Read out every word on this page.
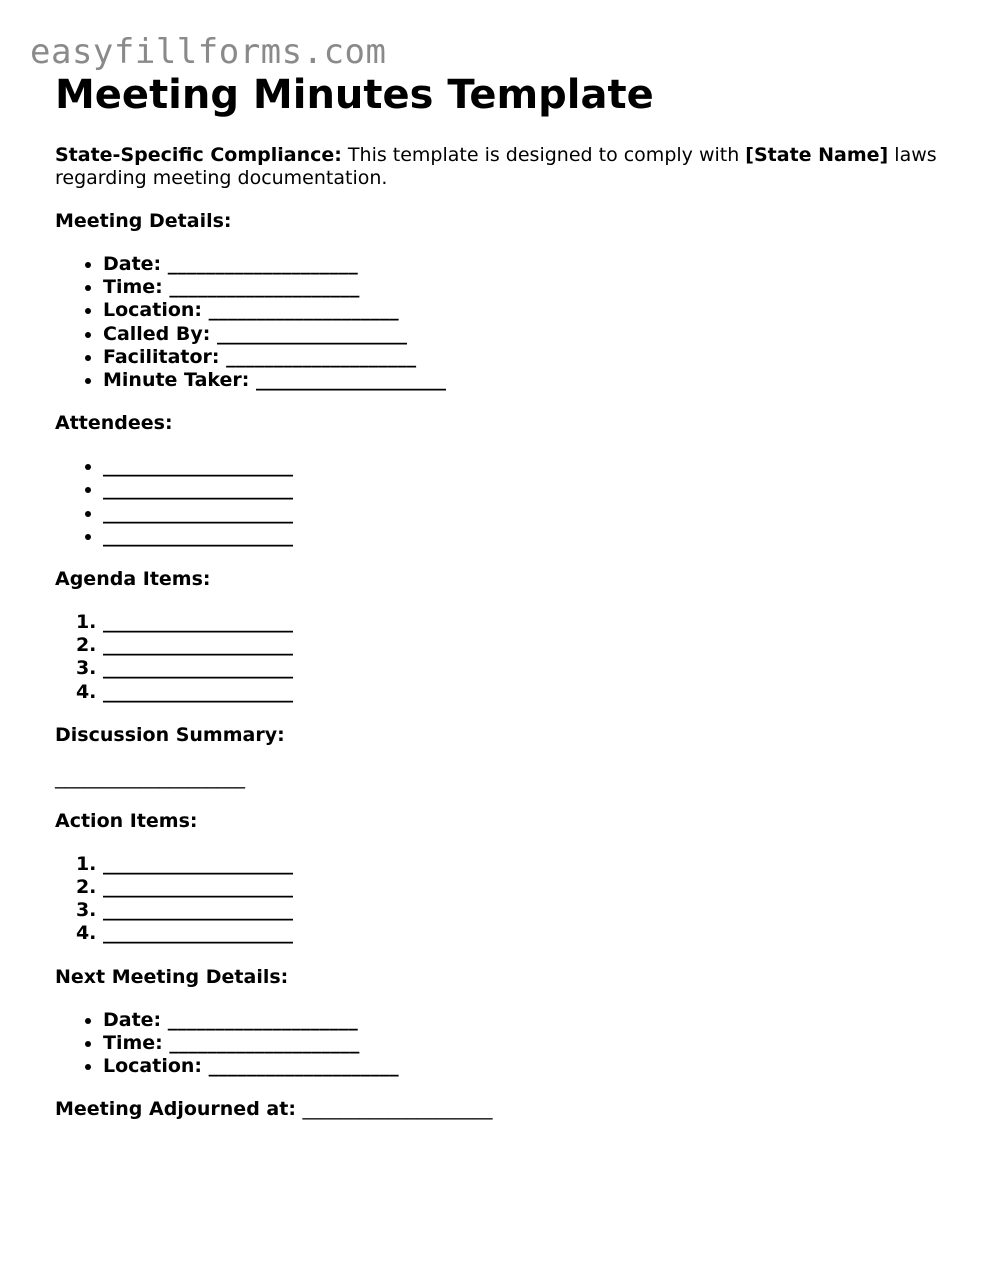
easyfillforms.com
Meeting Minutes Template

State-Specific Compliance: This template is designed to comply with [State Name] laws regarding meeting documentation.

Meeting Details:
• Date: ____________________
• Time: ____________________
• Location: ____________________
• Called By: ____________________
• Facilitator: ____________________
• Minute Taker: ____________________
Attendees:
• ____________________
• ____________________
• ____________________
• ____________________
Agenda Items:
1. ____________________
2. ____________________
3. ____________________
4. ____________________
Discussion Summary:
____________________
Action Items:
1. ____________________
2. ____________________
3. ____________________
4. ____________________
Next Meeting Details:
• Date: ____________________
• Time: ____________________
• Location: ____________________
Meeting Adjourned at: ____________________
